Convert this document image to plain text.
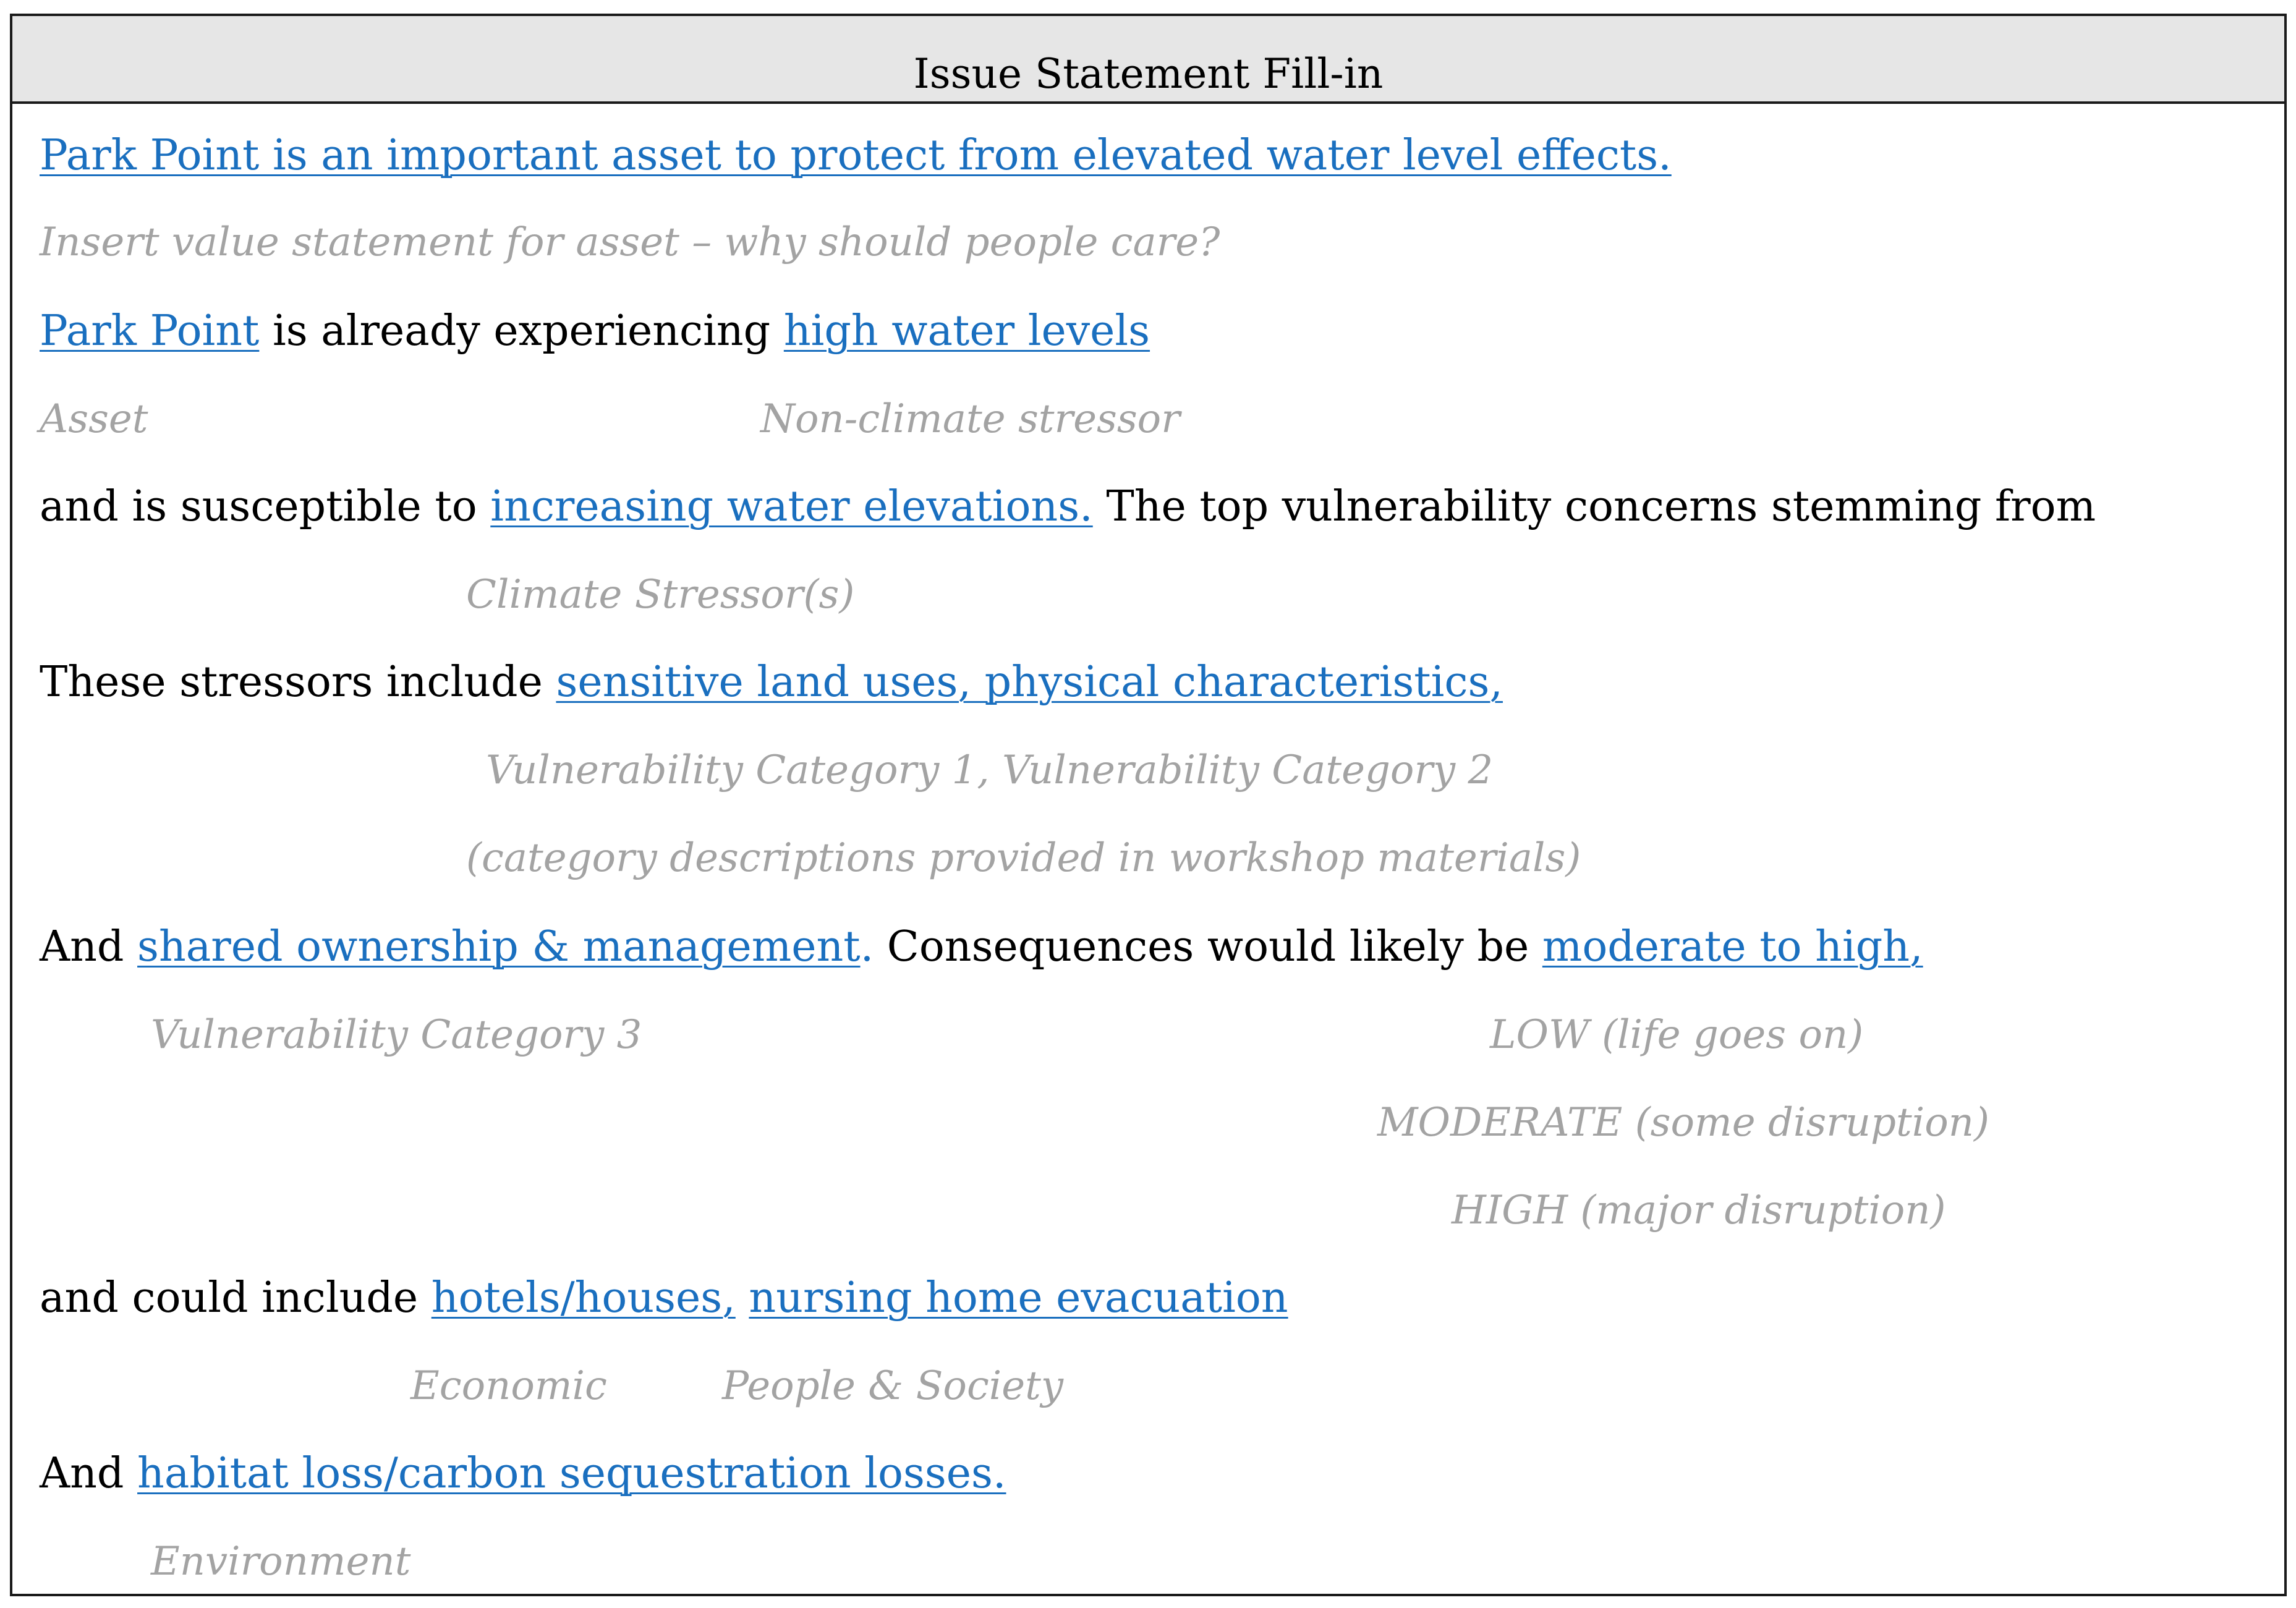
Issue Statement Fill-in
Park Point is an important asset to protect from elevated water level effects.
Insert value statement for asset – why should people care?
Park Point is already experiencing high water levels
Asset	Non-climate stressor
and is susceptible to increasing water elevations. The top vulnerability concerns stemming from
Climate Stressor(s)
These stressors include sensitive land uses, physical characteristics,
Vulnerability Category 1, Vulnerability Category 2
(category descriptions provided in workshop materials)
And shared ownership & management. Consequences would likely be moderate to high,
Vulnerability Category 3	LOW (life goes on)
MODERATE (some disruption)
HIGH (major disruption)
and could include hotels/houses, nursing home evacuation
Economic	People & Society
And habitat loss/carbon sequestration losses.
Environment
